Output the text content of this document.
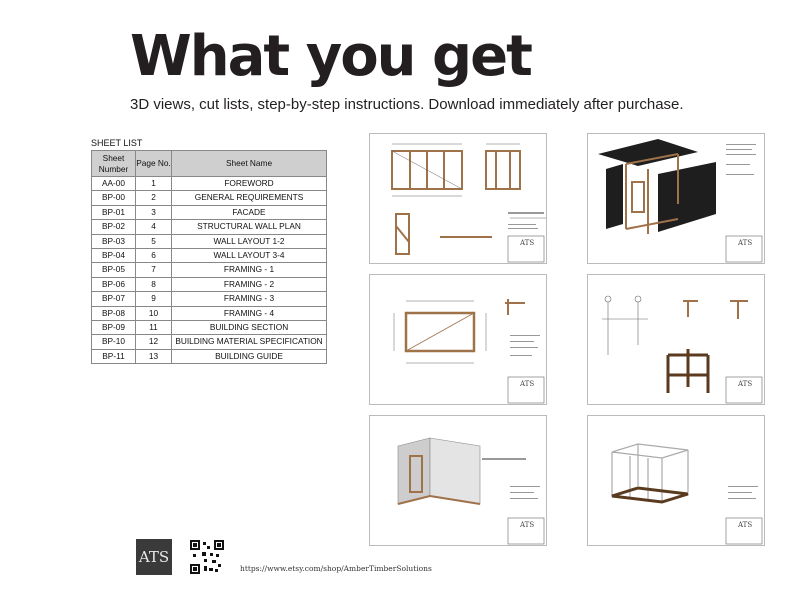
What you get
3D views, cut lists, step-by-step instructions. Download immediately after purchase.
SHEET LIST
Sheet Number	Page No.	Sheet Name
AA-00	1	FOREWORD
BP-00	2	GENERAL REQUIREMENTS
BP-01	3	FACADE
BP-02	4	STRUCTURAL WALL PLAN
BP-03	5	WALL LAYOUT 1-2
BP-04	6	WALL LAYOUT 3-4
BP-05	7	FRAMING - 1
BP-06	8	FRAMING - 2
BP-07	9	FRAMING - 3
BP-08	10	FRAMING - 4
BP-09	11	BUILDING SECTION
BP-10	12	BUILDING MATERIAL SPECIFICATION
BP-11	13	BUILDING GUIDE
ATS	ATS
ATS	ATS
ATS	ATS
ATS
https://www.etsy.com/shop/AmberTimberSolutions
